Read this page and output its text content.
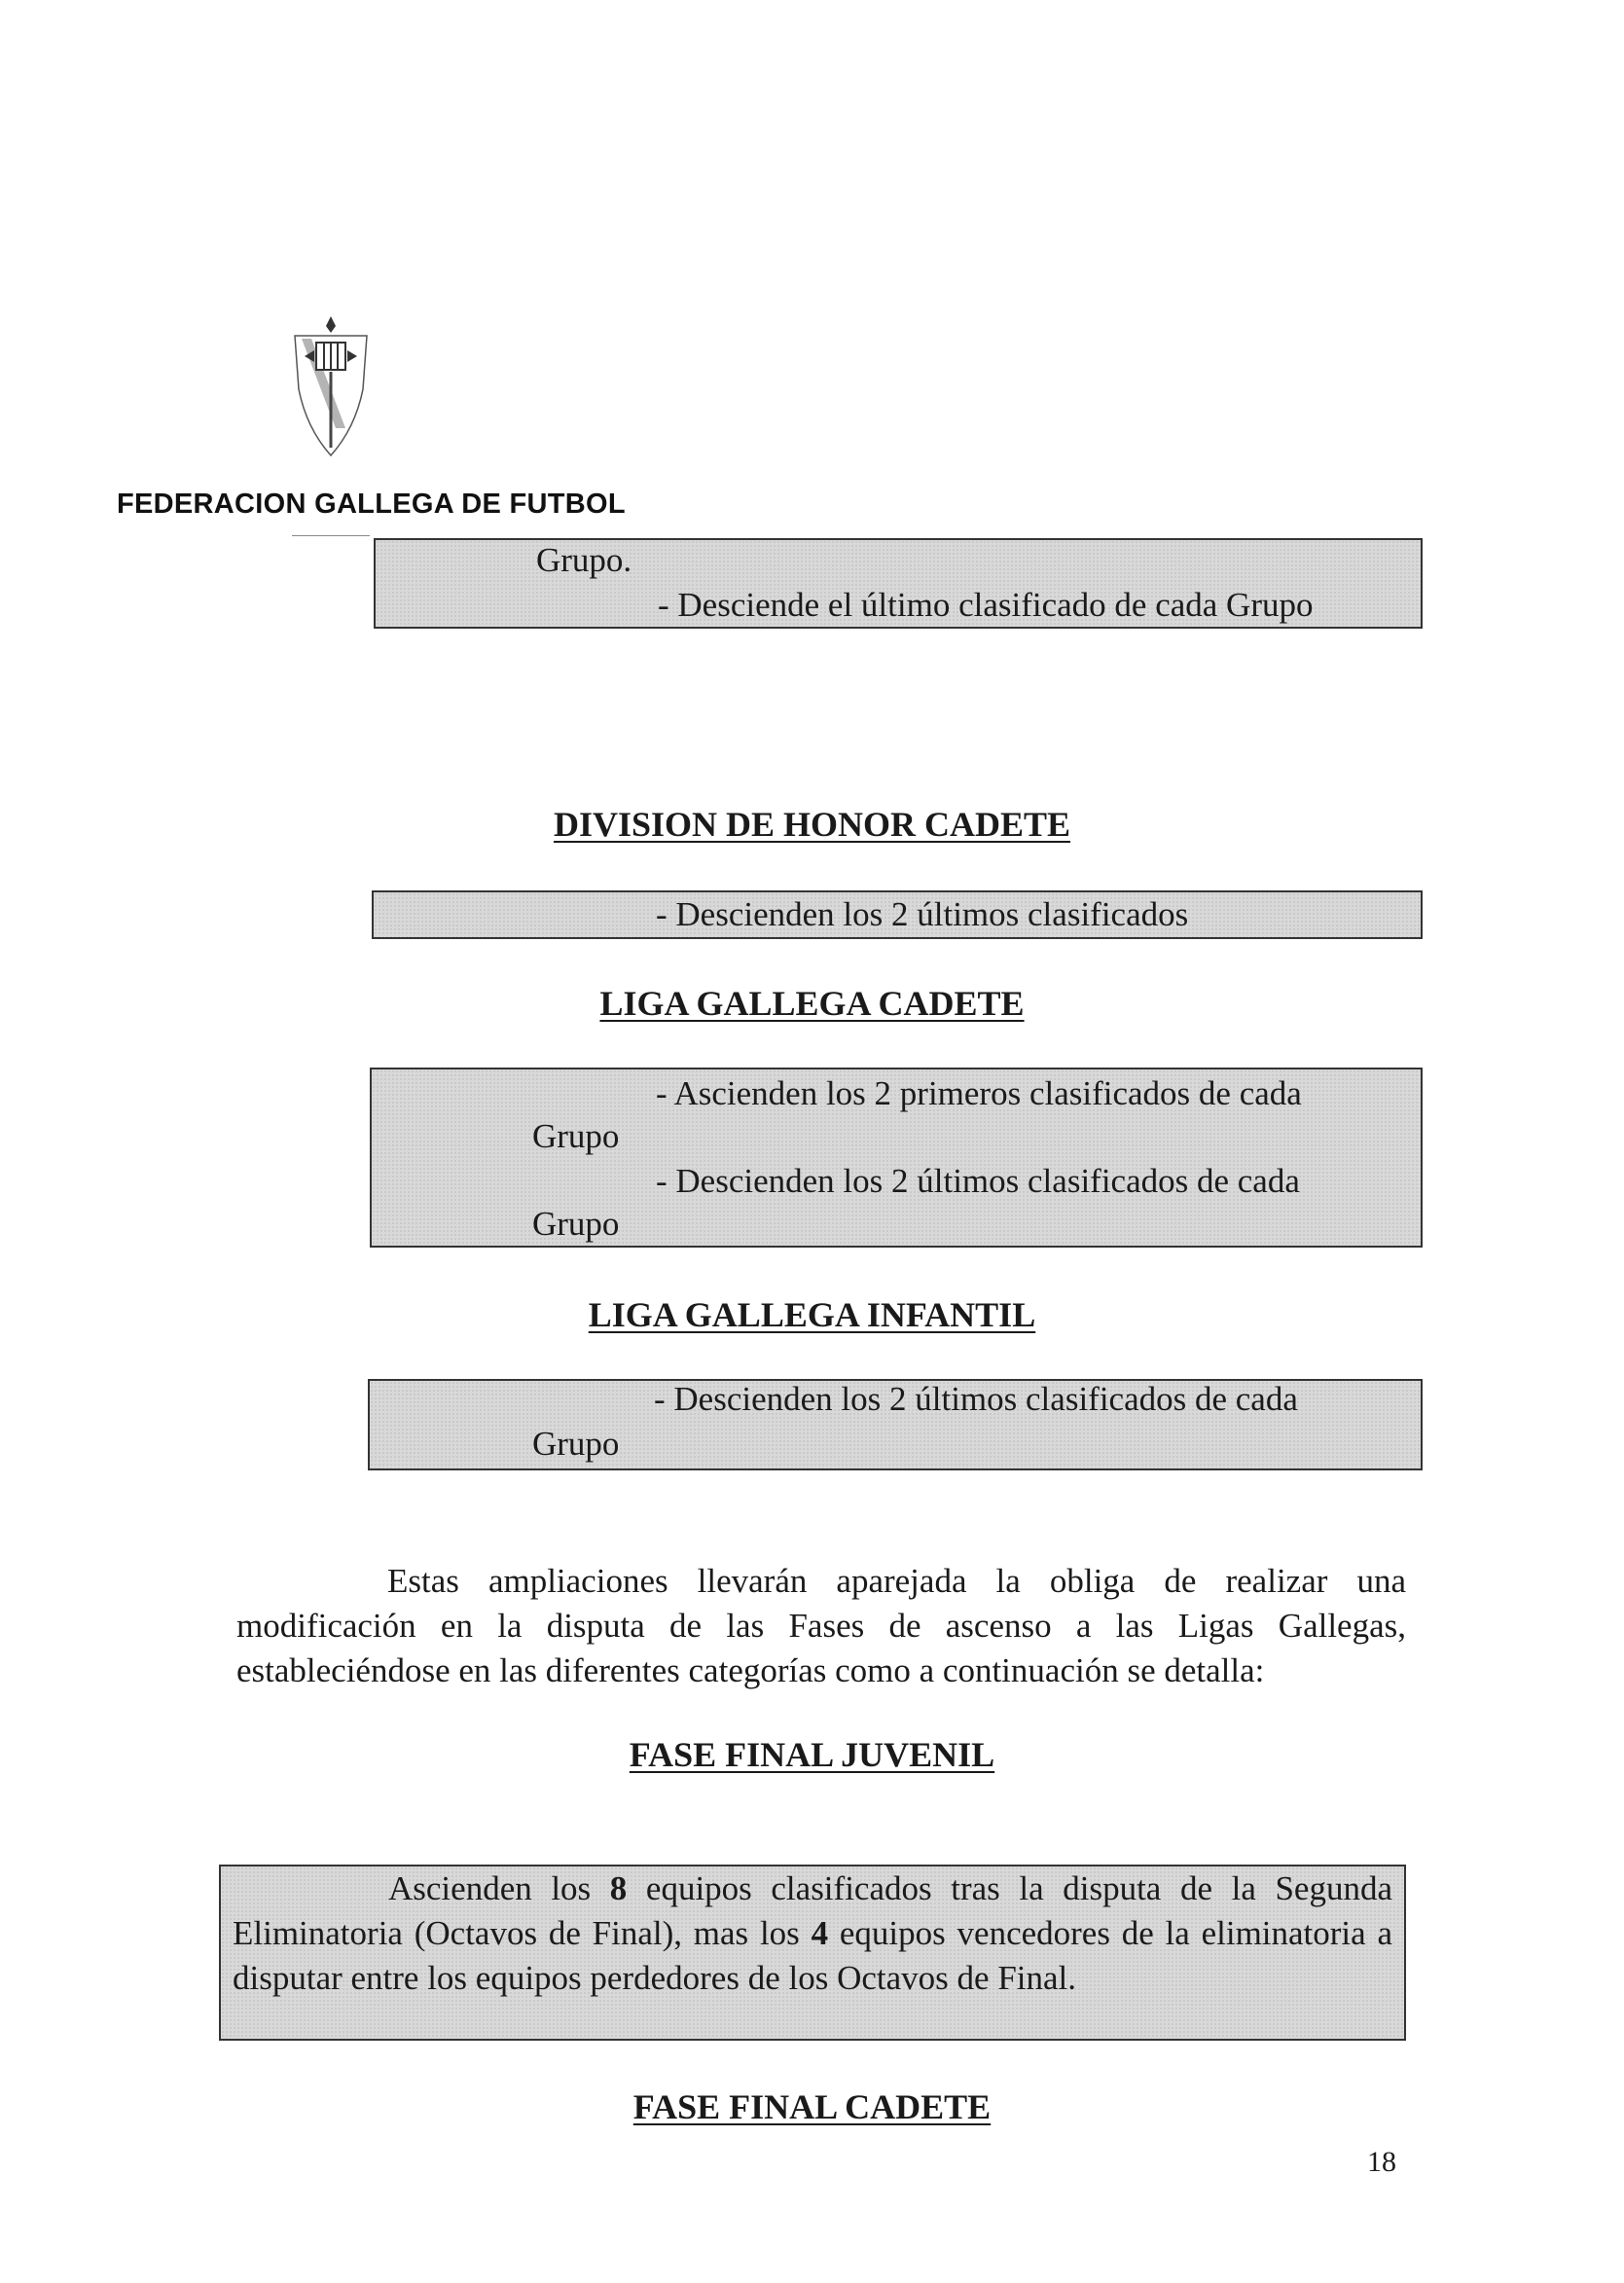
FEDERACION GALLEGA DE FUTBOL
Grupo.
- Desciende el último clasificado de cada Grupo
DIVISION DE HONOR CADETE
- Descienden los 2 últimos clasificados
LIGA GALLEGA CADETE
- Ascienden los 2 primeros clasificados de cada
Grupo
- Descienden los 2 últimos clasificados de cada
Grupo
LIGA GALLEGA INFANTIL
- Descienden los 2 últimos clasificados de cada
Grupo
Estas ampliaciones llevarán aparejada la obliga de realizar una
modificación en la disputa de las Fases de ascenso a las Ligas Gallegas,
estableciéndose en las diferentes categorías como a continuación se detalla:
FASE FINAL JUVENIL
Ascienden los 8 equipos clasificados tras la disputa de la Segunda Eliminatoria (Octavos de Final), mas los 4 equipos vencedores de la eliminatoria a disputar entre los equipos perdedores de los Octavos de Final.
FASE FINAL CADETE
18
